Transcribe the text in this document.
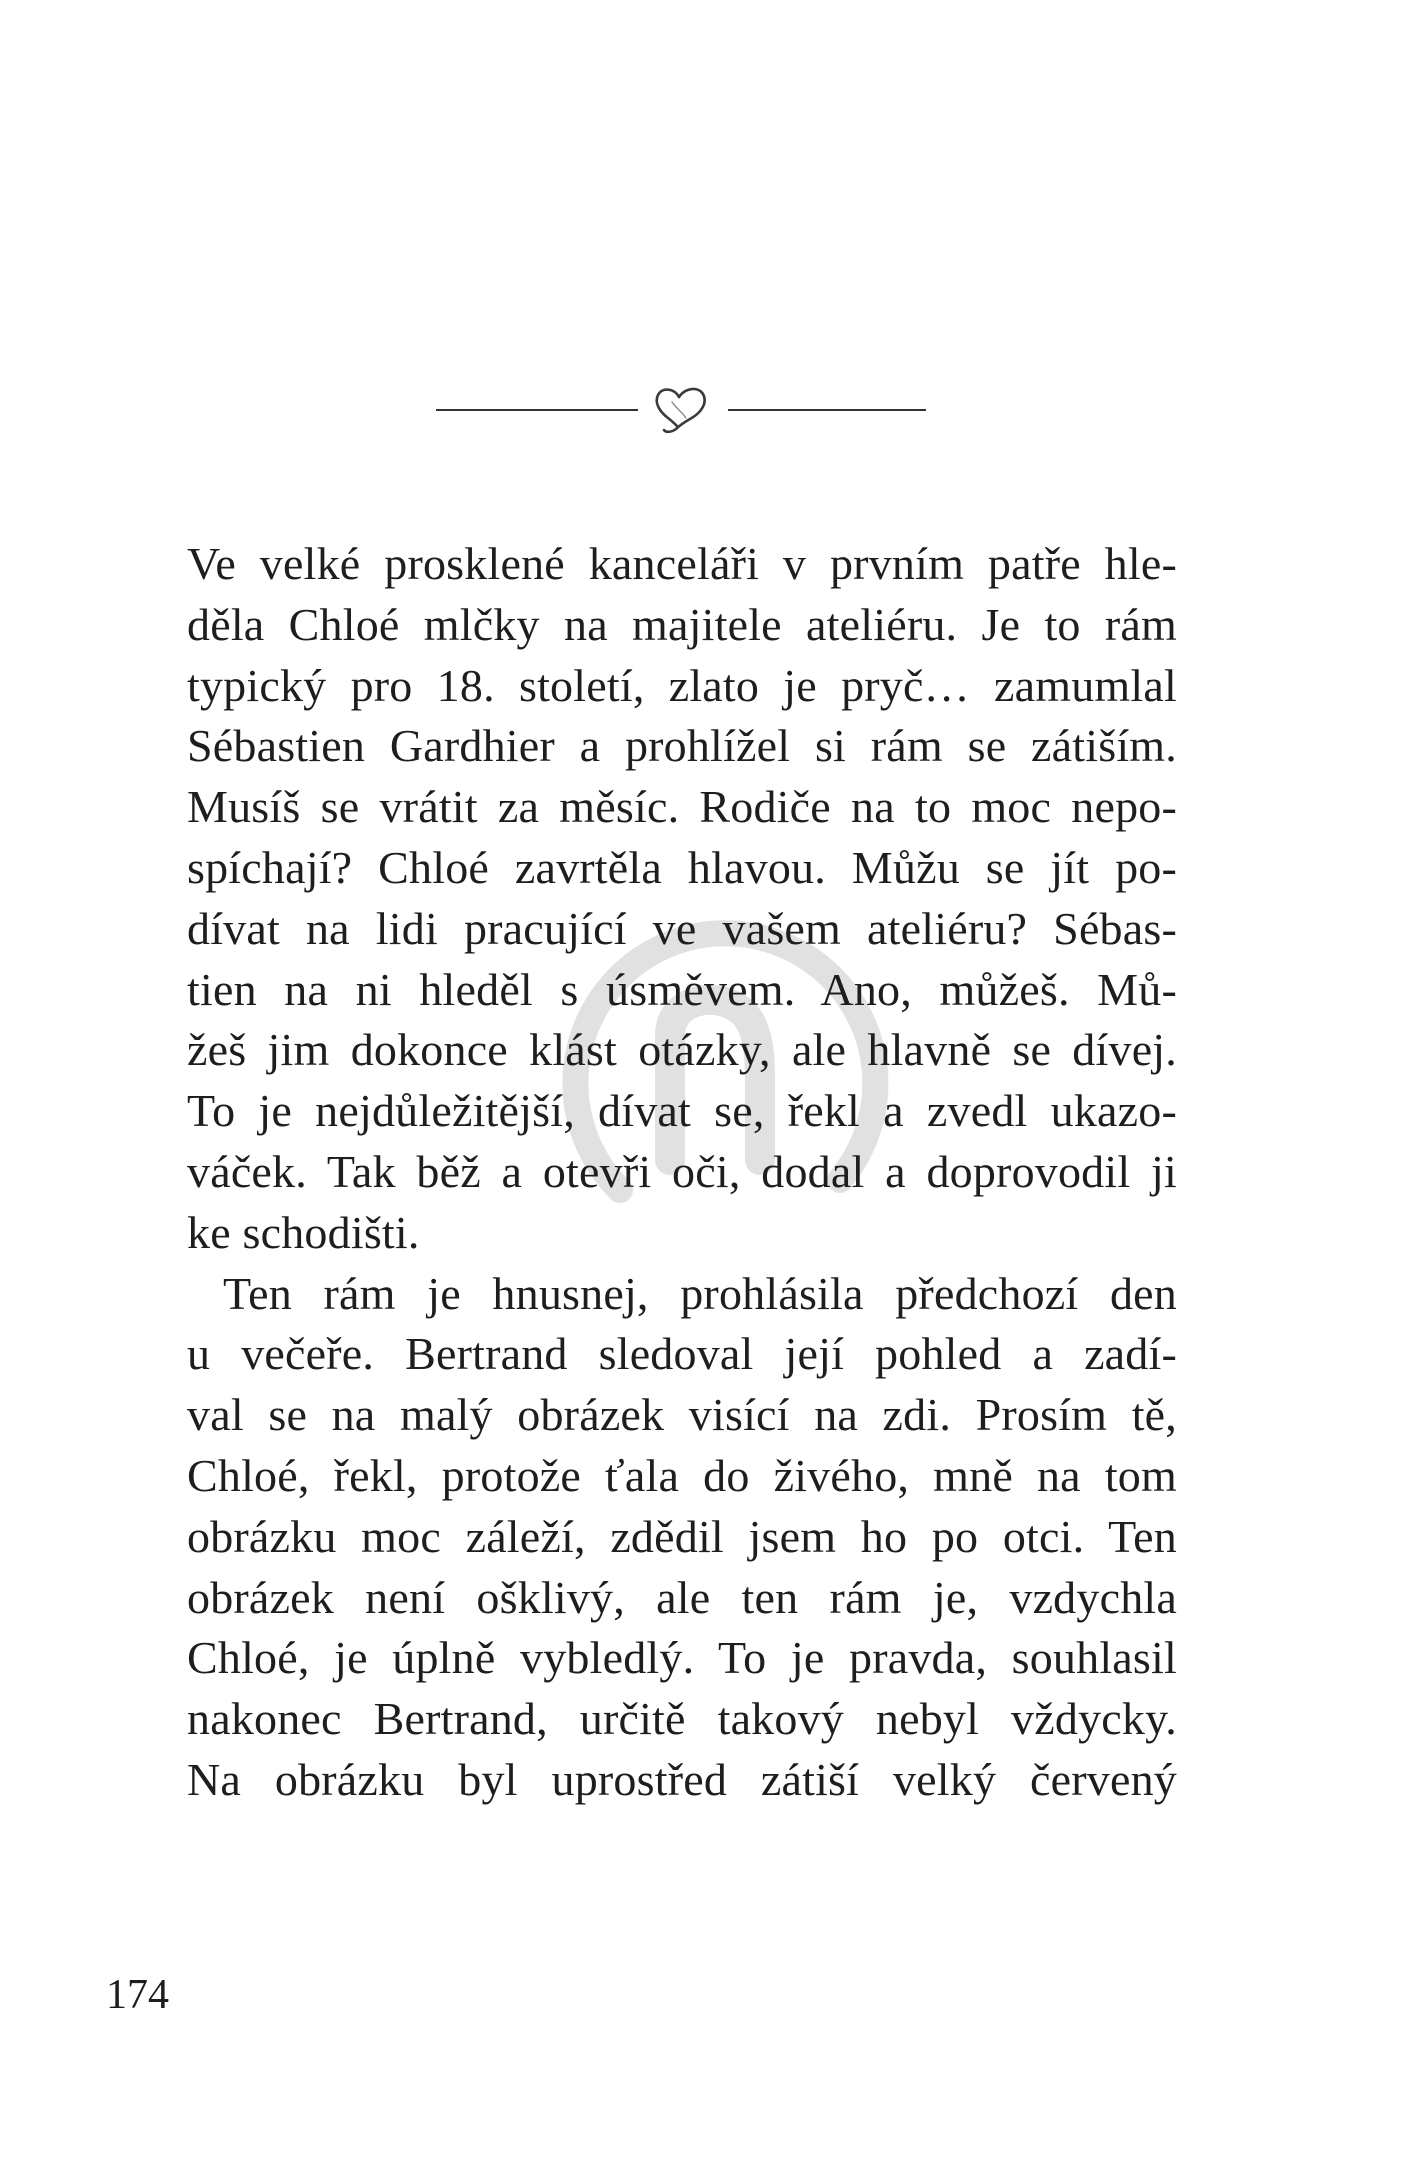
Ve velké prosklené kanceláři v prvním patře hle-
děla Chloé mlčky na majitele ateliéru. Je to rám
typický pro 18. století, zlato je pryč… zamumlal
Sébastien Gardhier a prohlížel si rám se zátiším.
Musíš se vrátit za měsíc. Rodiče na to moc nepo-
spíchají? Chloé zavrtěla hlavou. Můžu se jít po-
dívat na lidi pracující ve vašem ateliéru? Sébas-
tien na ni hleděl s úsměvem. Ano, můžeš. Mů-
žeš jim dokonce klást otázky, ale hlavně se dívej.
To je nejdůležitější, dívat se, řekl a zvedl ukazo-
váček. Tak běž a otevři oči, dodal a doprovodil ji
ke schodišti.
Ten rám je hnusnej, prohlásila předchozí den
u večeře. Bertrand sledoval její pohled a zadí-
val se na malý obrázek visící na zdi. Prosím tě,
Chloé, řekl, protože ťala do živého, mně na tom
obrázku moc záleží, zdědil jsem ho po otci. Ten
obrázek není ošklivý, ale ten rám je, vzdychla
Chloé, je úplně vybledlý. To je pravda, souhlasil
nakonec Bertrand, určitě takový nebyl vždycky.
Na obrázku byl uprostřed zátiší velký červený
174
